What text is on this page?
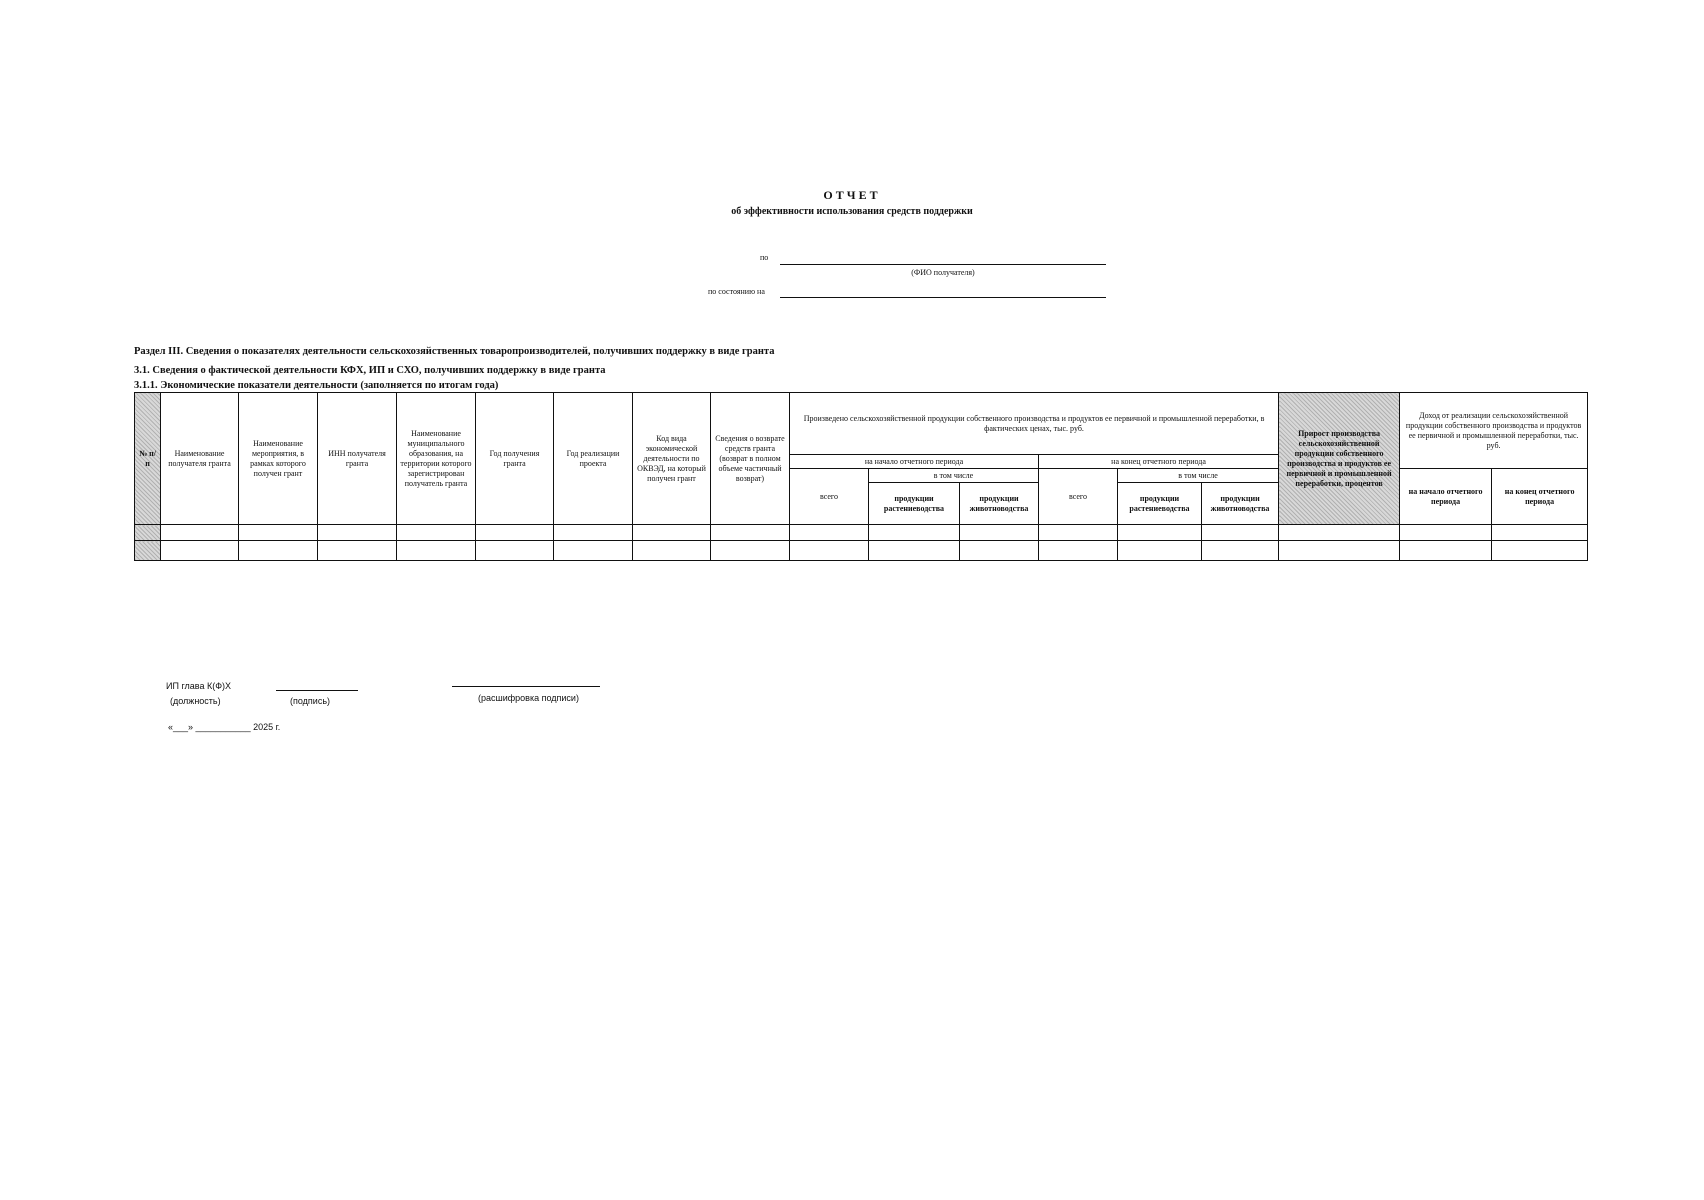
ОТЧЕТ
об эффективности использования средств поддержки
по
(ФИО получателя)
по состоянию на
Раздел III. Сведения о показателях деятельности сельскохозяйственных товаропроизводителей, получивших поддержку в виде гранта
3.1. Сведения о фактической деятельности КФХ, ИП и СХО, получивших поддержку в виде гранта
3.1.1. Экономические показатели деятельности (заполняется по итогам года)
№ п/п	Наименование получателя гранта	Наименование мероприятия, в рамках которого получен грант	ИНН получателя гранта	Наименование муниципального образования, на территории которого зарегистрирован получатель гранта	Год получения гранта	Год реализации проекта	Код вида экономической деятельности по ОКВЭД, на который получен грант	Сведения о возврате средств гранта (возврат в полном объеме частичный возврат)	Произведено сельскохозяйственной продукции собственного производства и продуктов ее первичной и промышленной переработки, в фактических ценах, тыс. руб.						Прирост производства сельскохозяйственной продукции собственного производства и продуктов ее первичной и промышленной переработки, процентов	Доход от реализации сельскохозяйственной продукции собственного производства и продуктов ее первичной и промышленной переработки, тыс. руб.	
									на начало отчетного периода			на конец отчетного периода					
									всего	в том числе		всего	в том числе			на начало отчетного периода	на конец отчетного периода
										продукции растениеводства	продукции животноводства		продукции растениеводства	продукции животноводства			

ИП глава К(Ф)Х
(должность)	(подпись)	(расшифровка подписи)
«___» ___________ 2025 г.
